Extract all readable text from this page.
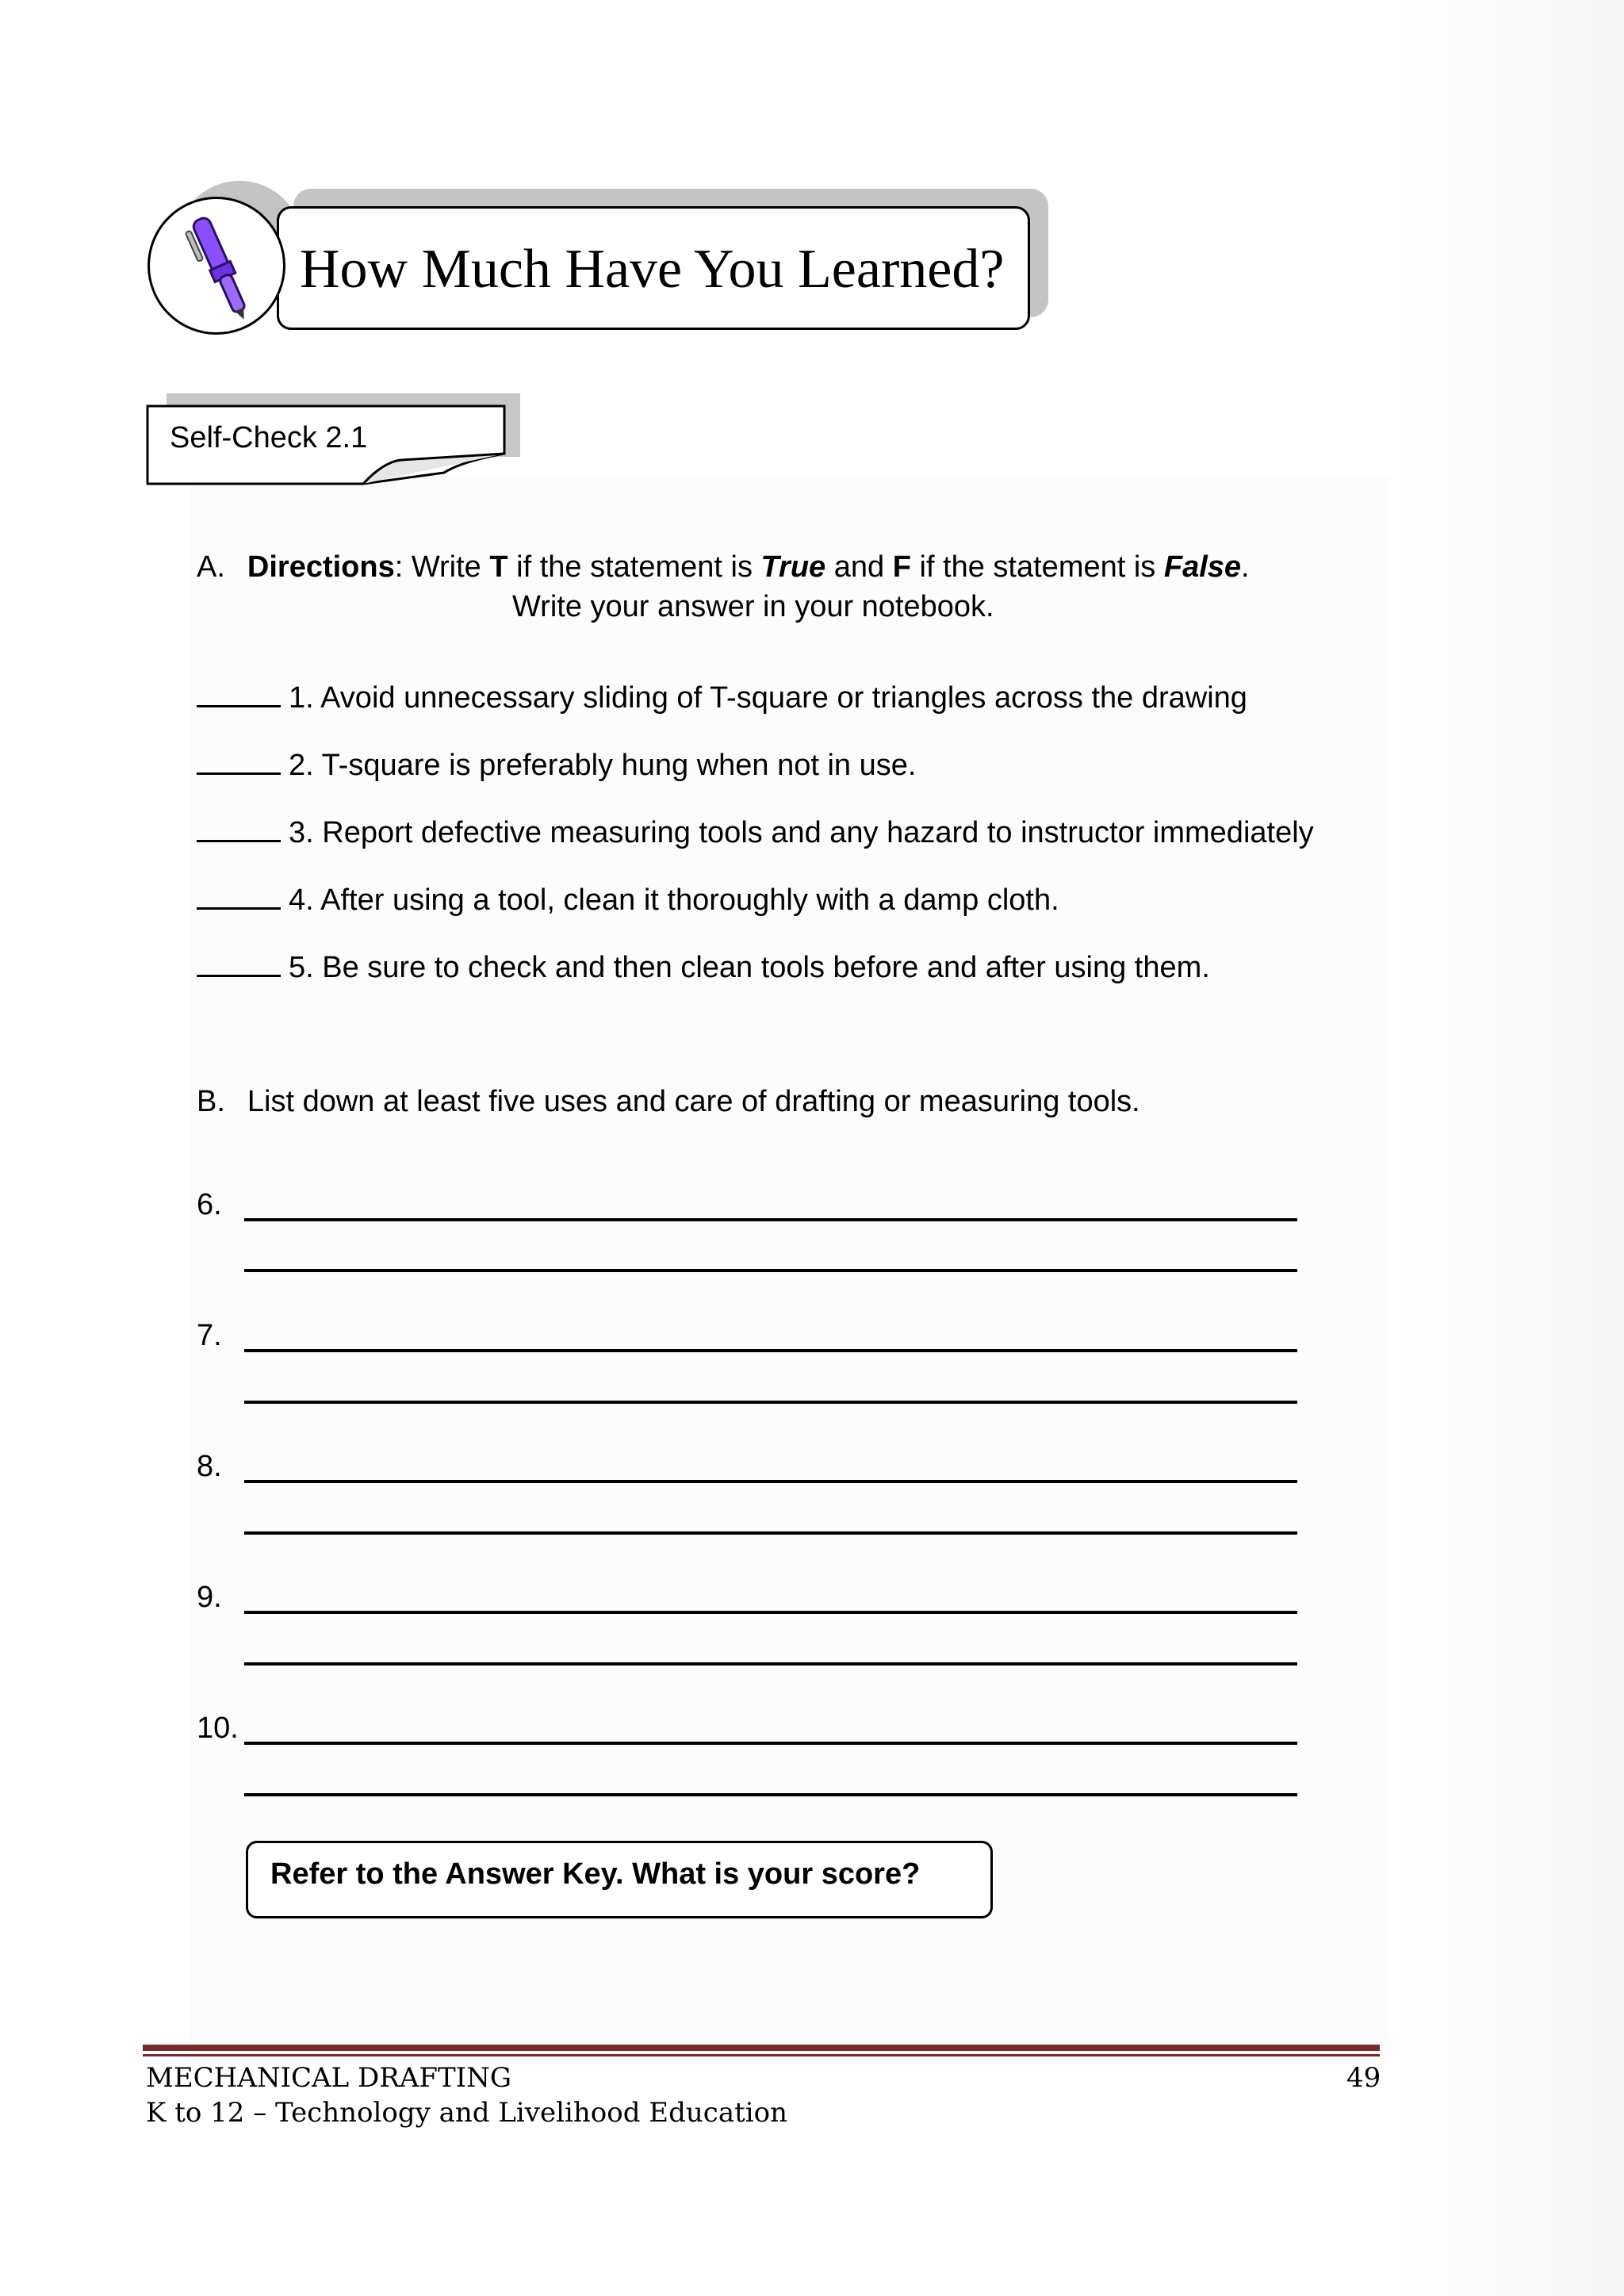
How Much Have You Learned?
Self-Check 2.1
A. Directions: Write T if the statement is True and F if the statement is False.
Write your answer in your notebook.
1. Avoid unnecessary sliding of T-square or triangles across the drawing
2. T-square is preferably hung when not in use.
3. Report defective measuring tools and any hazard to instructor immediately
4. After using a tool, clean it thoroughly with a damp cloth.
5. Be sure to check and then clean tools before and after using them.
B. List down at least five uses and care of drafting or measuring tools.
6.
7.
8.
9.
10.
Refer to the Answer Key. What is your score?
MECHANICAL DRAFTING
K to 12 – Technology and Livelihood Education
49
